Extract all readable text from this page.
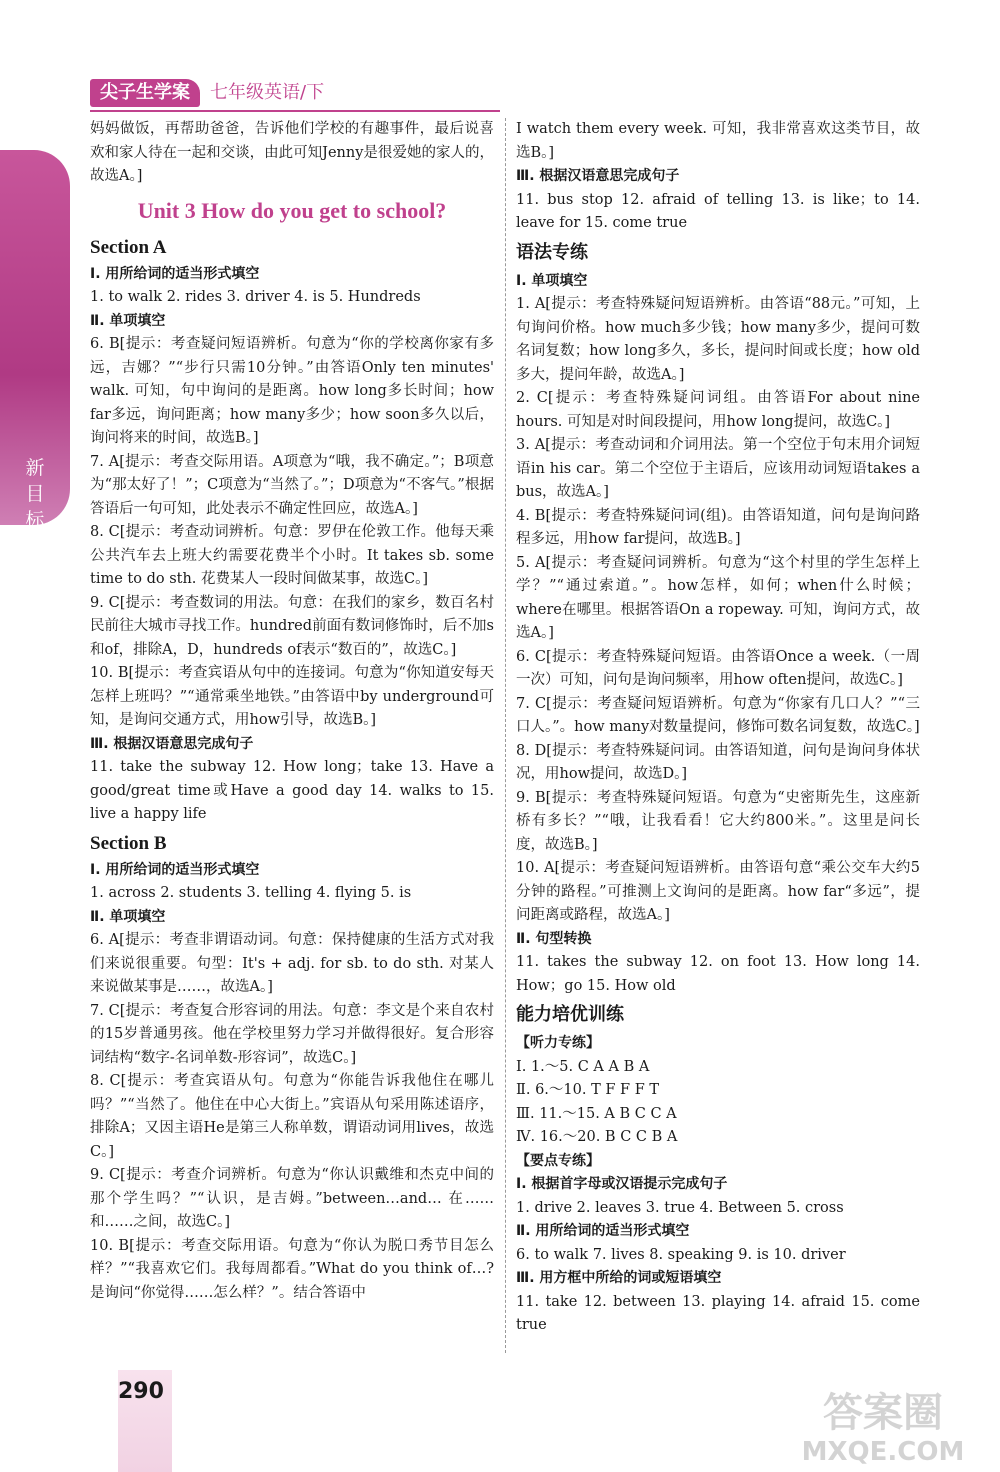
新
目
标
·
人
尖子生学案	七年级英语/下

妈妈做饭，再帮助爸爸，告诉他们学校的有趣事件，最后说喜欢和家人待在一起和交谈，由此可知Jenny是很爱她的家人的，故选A。]

Unit 3 How do you get to school?
Section A

Ⅰ. 用所给词的适当形式填空

1. to walk 2. rides 3. driver 4. is 5. Hundreds

Ⅱ. 单项填空

6. B[提示：考查疑问短语辨析。句意为“你的学校离你家有多远，吉娜？”“步行只需10分钟。”由答语Only ten minutes' walk. 可知，句中询问的是距离。how long多长时间；how far多远，询问距离；how many多少；how soon多久以后，询问将来的时间，故选B。]

7. A[提示：考查交际用语。A项意为“哦，我不确定。”；B项意为“那太好了！”；C项意为“当然了。”；D项意为“不客气。”根据答语后一句可知，此处表示不确定性回应，故选A。]

8. C[提示：考查动词辨析。句意：罗伊在伦敦工作。他每天乘公共汽车去上班大约需要花费半个小时。It takes sb. some time to do sth. 花费某人一段时间做某事，故选C。]

9. C[提示：考查数词的用法。句意：在我们的家乡，数百名村民前往大城市寻找工作。hundred前面有数词修饰时，后不加s和of，排除A，D，hundreds of表示“数百的”，故选C。]

10. B[提示：考查宾语从句中的连接词。句意为“你知道安每天怎样上班吗？”“通常乘坐地铁。”由答语中by underground可知，是询问交通方式，用how引导，故选B。]

Ⅲ. 根据汉语意思完成句子

11. take the subway 12. How long；take 13. Have a good/great time或Have a good day 14. walks to 15. live a happy life

Section B

Ⅰ. 用所给词的适当形式填空

1. across 2. students 3. telling 4. flying 5. is

Ⅱ. 单项填空

6. A[提示：考查非谓语动词。句意：保持健康的生活方式对我们来说很重要。句型：It's + adj. for sb. to do sth. 对某人来说做某事是……，故选A。]

7. C[提示：考查复合形容词的用法。句意：李文是个来自农村的15岁普通男孩。他在学校里努力学习并做得很好。复合形容词结构“数字-名词单数-形容词”，故选C。]

8. C[提示：考查宾语从句。句意为“你能告诉我他住在哪儿吗？”“当然了。他住在中心大街上。”宾语从句采用陈述语序，排除A；又因主语He是第三人称单数，谓语动词用lives，故选C。]

9. C[提示：考查介词辨析。句意为“你认识戴维和杰克中间的那个学生吗？”“认识，是吉姆。”between…and… 在……和……之间，故选C。]

10. B[提示：考查交际用语。句意为“你认为脱口秀节目怎么样？”“我喜欢它们。我每周都看。”What do you think of…? 是询问“你觉得……怎么样？”。结合答语中

I watch them every week. 可知，我非常喜欢这类节目，故选B。]

Ⅲ. 根据汉语意思完成句子

11. bus stop 12. afraid of telling 13. is like；to 14. leave for 15. come true

语法专练

Ⅰ. 单项填空

1. A[提示：考查特殊疑问短语辨析。由答语“88元。”可知，上句询问价格。how much多少钱；how many多少，提问可数名词复数；how long多久，多长，提问时间或长度；how old多大，提问年龄，故选A。]

2. C[提示：考查特殊疑问词组。由答语For about nine hours. 可知是对时间段提问，用how long提问，故选C。]

3. A[提示：考查动词和介词用法。第一个空位于句末用介词短语in his car。第二个空位于主语后，应该用动词短语takes a bus，故选A。]

4. B[提示：考查特殊疑问词(组)。由答语知道，问句是询问路程多远，用how far提问，故选B。]

5. A[提示：考查疑问词辨析。句意为“这个村里的学生怎样上学？”“通过索道。”。how怎样，如何；when什么时候；where在哪里。根据答语On a ropeway. 可知，询问方式，故选A。]

6. C[提示：考查特殊疑问短语。由答语Once a week.（一周一次）可知，问句是询问频率，用how often提问，故选C。]

7. C[提示：考查疑问短语辨析。句意为“你家有几口人？”“三口人。”。how many对数量提问，修饰可数名词复数，故选C。]

8. D[提示：考查特殊疑问词。由答语知道，问句是询问身体状况，用how提问，故选D。]

9. B[提示：考查特殊疑问短语。句意为“史密斯先生，这座新桥有多长？”“哦，让我看看！它大约800米。”。这里是问长度，故选B。]

10. A[提示：考查疑问短语辨析。由答语句意“乘公交车大约5分钟的路程。”可推测上文询问的是距离。how far“多远”，提问距离或路程，故选A。]

Ⅱ. 句型转换

11. takes the subway 12. on foot 13. How long 14. How；go 15. How old

能力培优训练

【听力专练】

Ⅰ. 1.～5. C A A B A

Ⅱ. 6.～10. T F F F T

Ⅲ. 11.～15. A B C C A

Ⅳ. 16.～20. B C C B A

【要点专练】

Ⅰ. 根据首字母或汉语提示完成句子

1. drive 2. leaves 3. true 4. Between 5. cross

Ⅱ. 用所给词的适当形式填空

6. to walk 7. lives 8. speaking 9. is 10. driver

Ⅲ. 用方框中所给的词或短语填空

11. take 12. between 13. playing 14. afraid 15. come true

290	答案圈
MXQE.COM
